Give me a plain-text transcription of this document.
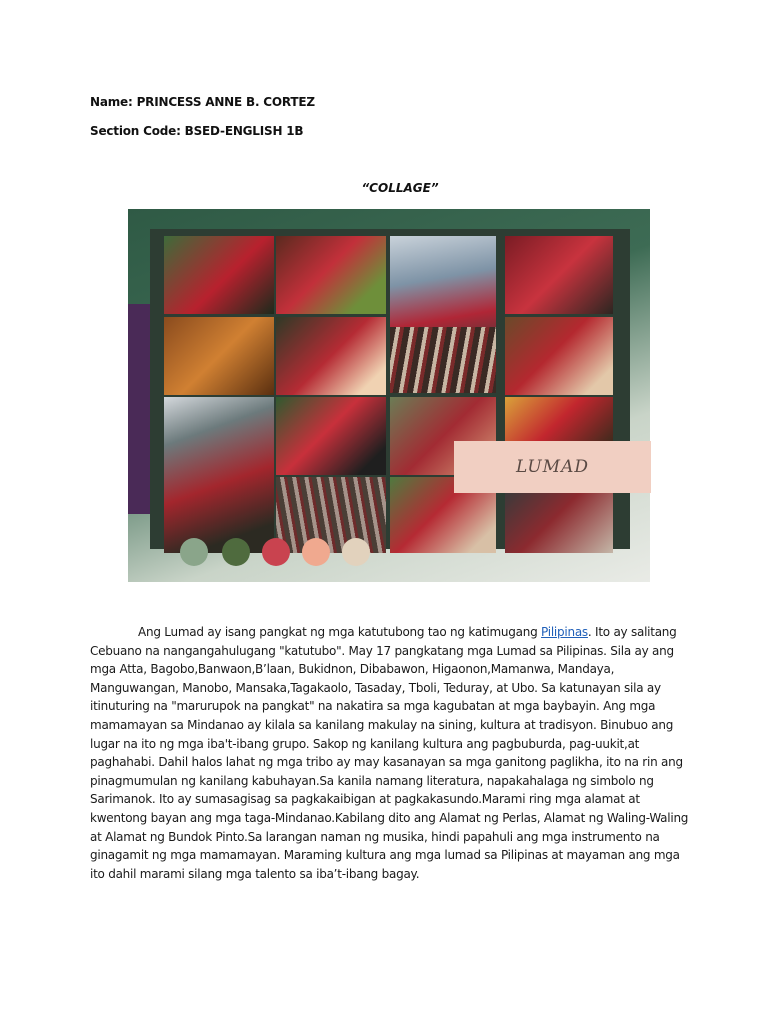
Name: PRINCESS ANNE B. CORTEZ
Section Code: BSED-ENGLISH 1B
“COLLAGE”
LUMAD
Ang Lumad ay isang pangkat ng mga katutubong tao ng katimugang Pilipinas. Ito ay salitang Cebuano na nangangahulugang "katutubo". May 17 pangkatang mga Lumad sa Pilipinas. Sila ay ang mga Atta, Bagobo,Banwaon,B’laan, Bukidnon, Dibabawon, Higaonon,Mamanwa, Mandaya, Manguwangan, Manobo, Mansaka,Tagakaolo, Tasaday, Tboli, Teduray, at Ubo. Sa katunayan sila ay itinuturing na "marurupok na pangkat" na nakatira sa mga kagubatan at mga baybayin. Ang mga mamamayan sa Mindanao ay kilala sa kanilang makulay na sining, kultura at tradisyon. Binubuo ang lugar na ito ng mga iba't-ibang grupo. Sakop ng kanilang kultura ang pagbuburda, pag-uukit,at paghahabi. Dahil halos lahat ng mga tribo ay may kasanayan sa mga ganitong paglikha, ito na rin ang pinagmumulan ng kanilang kabuhayan.Sa kanila namang literatura, napakahalaga ng simbolo ng Sarimanok. Ito ay sumasagisag sa pagkakaibigan at pagkakasundo.Marami ring mga alamat at kwentong bayan ang mga taga-Mindanao.Kabilang dito ang Alamat ng Perlas, Alamat ng Waling-Waling at Alamat ng Bundok Pinto.Sa larangan naman ng musika, hindi papahuli ang mga instrumento na ginagamit ng mga mamamayan. Maraming kultura ang mga lumad sa Pilipinas at mayaman ang mga ito dahil marami silang mga talento sa iba’t-ibang bagay.
